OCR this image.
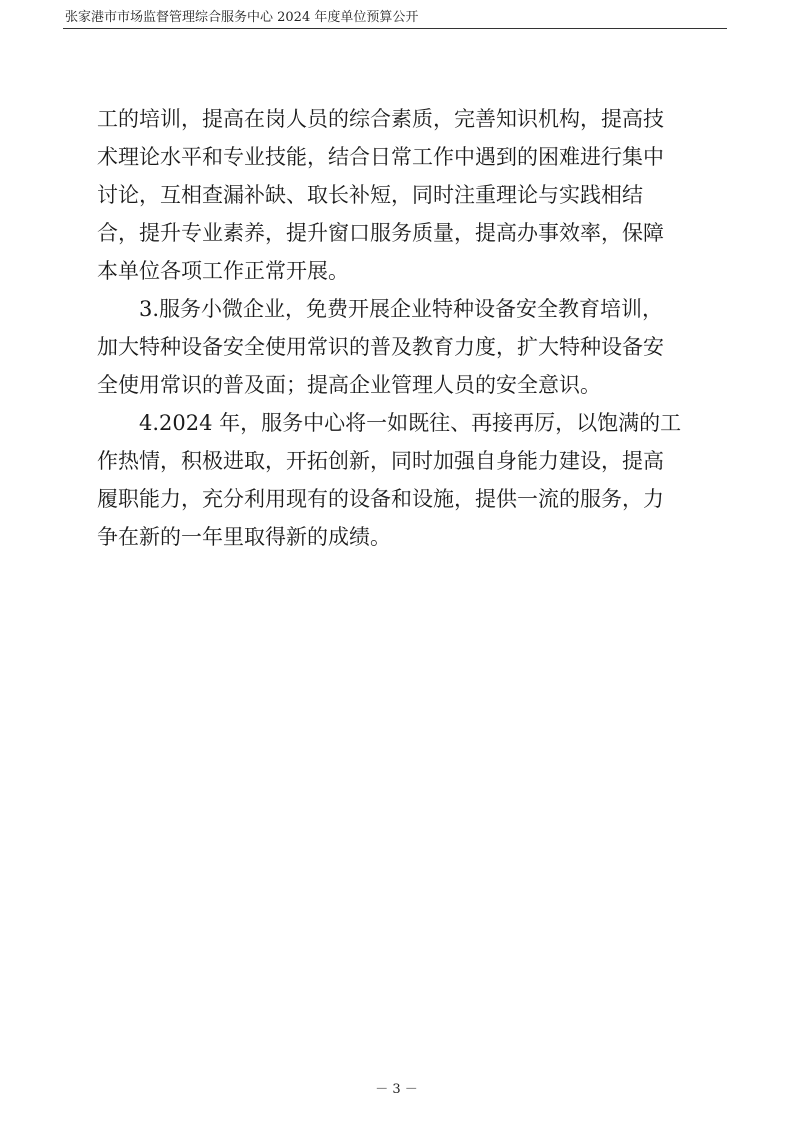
张家港市市场监督管理综合服务中心 2024 年度单位预算公开
工的培训，提高在岗人员的综合素质，完善知识机构，提高技
术理论水平和专业技能，结合日常工作中遇到的困难进行集中
讨论，互相查漏补缺、取长补短，同时注重理论与实践相结
合，提升专业素养，提升窗口服务质量，提高办事效率，保障
本单位各项工作正常开展。
3.服务小微企业，免费开展企业特种设备安全教育培训，
加大特种设备安全使用常识的普及教育力度，扩大特种设备安
全使用常识的普及面；提高企业管理人员的安全意识。
4.2024 年，服务中心将一如既往、再接再厉，以饱满的工
作热情，积极进取，开拓创新，同时加强自身能力建设，提高
履职能力，充分利用现有的设备和设施，提供一流的服务，力
争在新的一年里取得新的成绩。
－ 3 －
